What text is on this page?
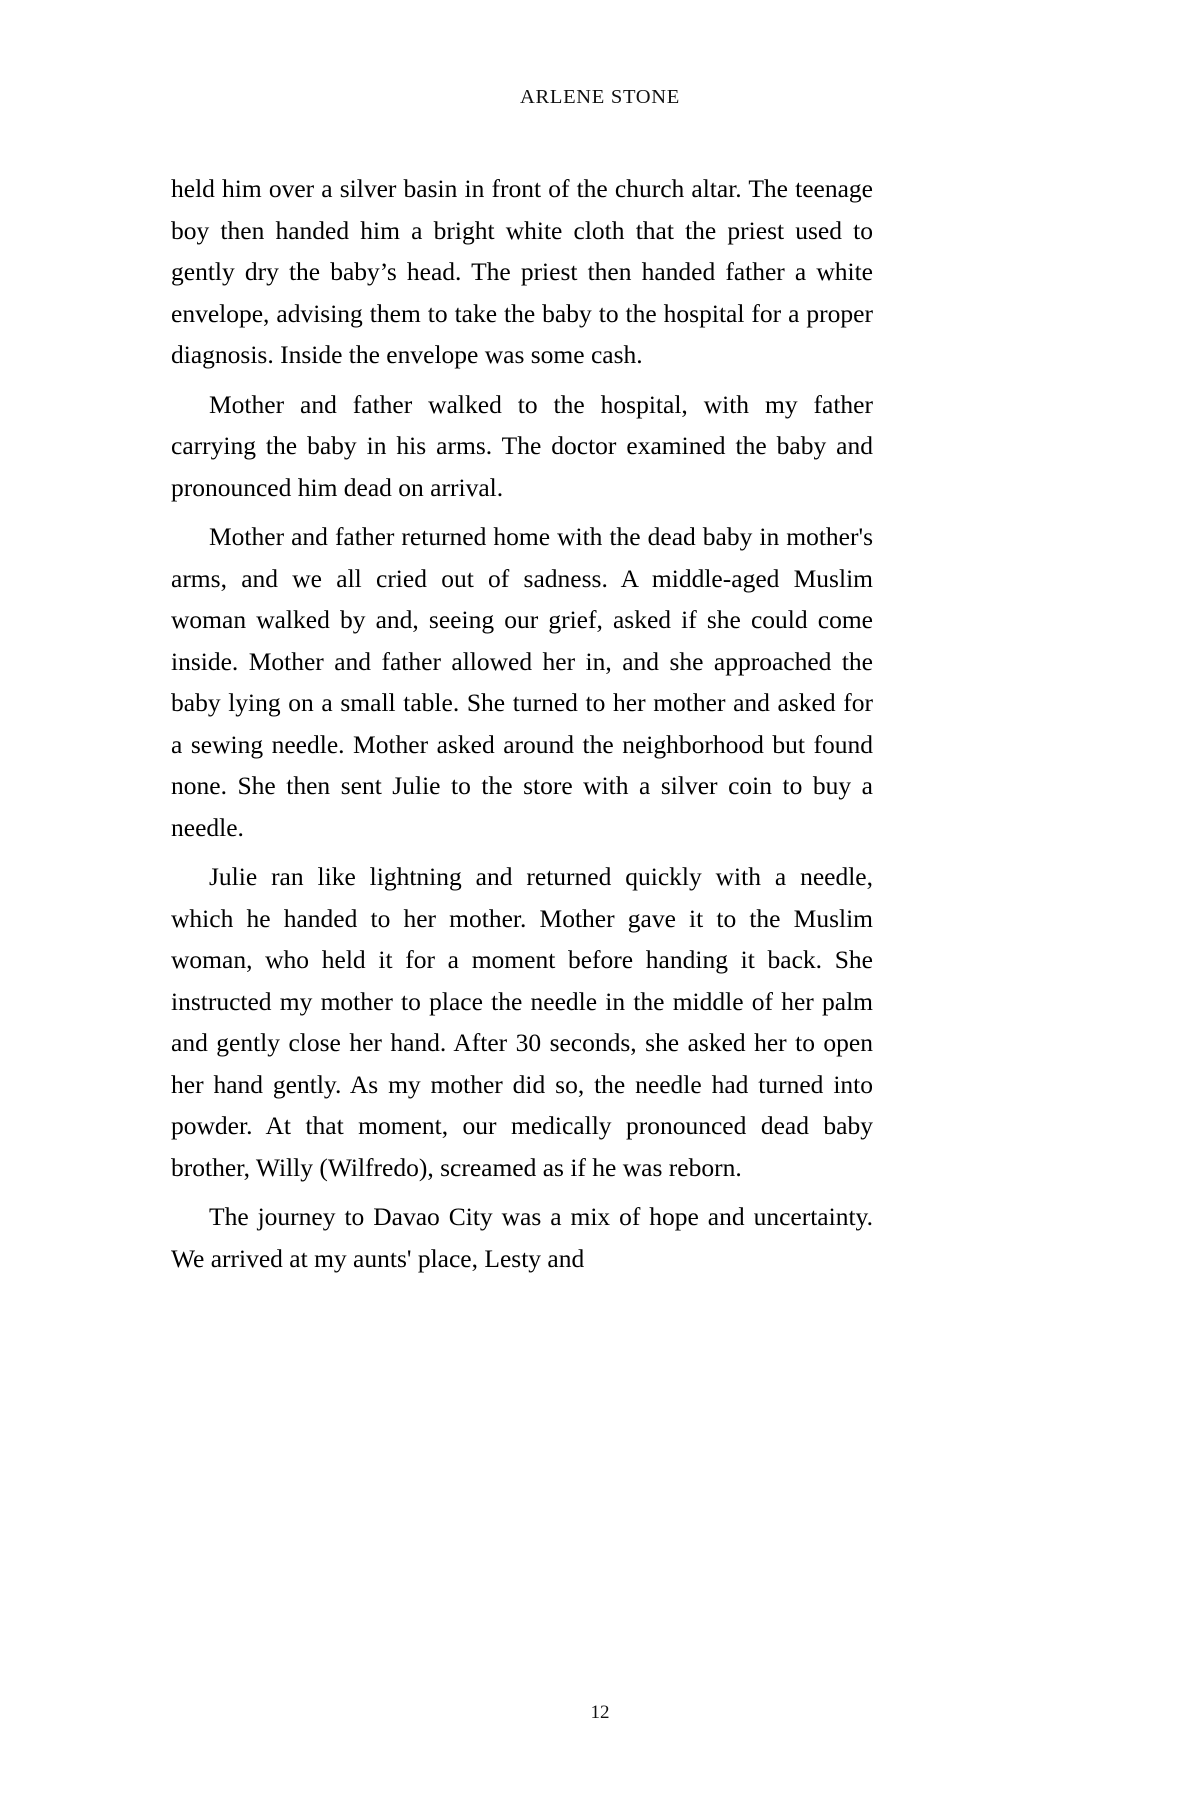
ARLENE STONE

held him over a silver basin in front of the church altar. The teenage boy then handed him a bright white cloth that the priest used to gently dry the baby’s head. The priest then handed father a white envelope, advising them to take the baby to the hospital for a proper diagnosis. Inside the envelope was some cash.

Mother and father walked to the hospital, with my father carrying the baby in his arms. The doctor examined the baby and pronounced him dead on arrival.

Mother and father returned home with the dead baby in mother's arms, and we all cried out of sadness. A middle-aged Muslim woman walked by and, seeing our grief, asked if she could come inside. Mother and father allowed her in, and she approached the baby lying on a small table. She turned to her mother and asked for a sewing needle. Mother asked around the neighborhood but found none. She then sent Julie to the store with a silver coin to buy a needle.

Julie ran like lightning and returned quickly with a needle, which he handed to her mother. Mother gave it to the Muslim woman, who held it for a moment before handing it back. She instructed my mother to place the needle in the middle of her palm and gently close her hand. After 30 seconds, she asked her to open her hand gently. As my mother did so, the needle had turned into powder. At that moment, our medically pronounced dead baby brother, Willy (Wilfredo), screamed as if he was reborn.

The journey to Davao City was a mix of hope and uncertainty. We arrived at my aunts' place, Lesty and

12
